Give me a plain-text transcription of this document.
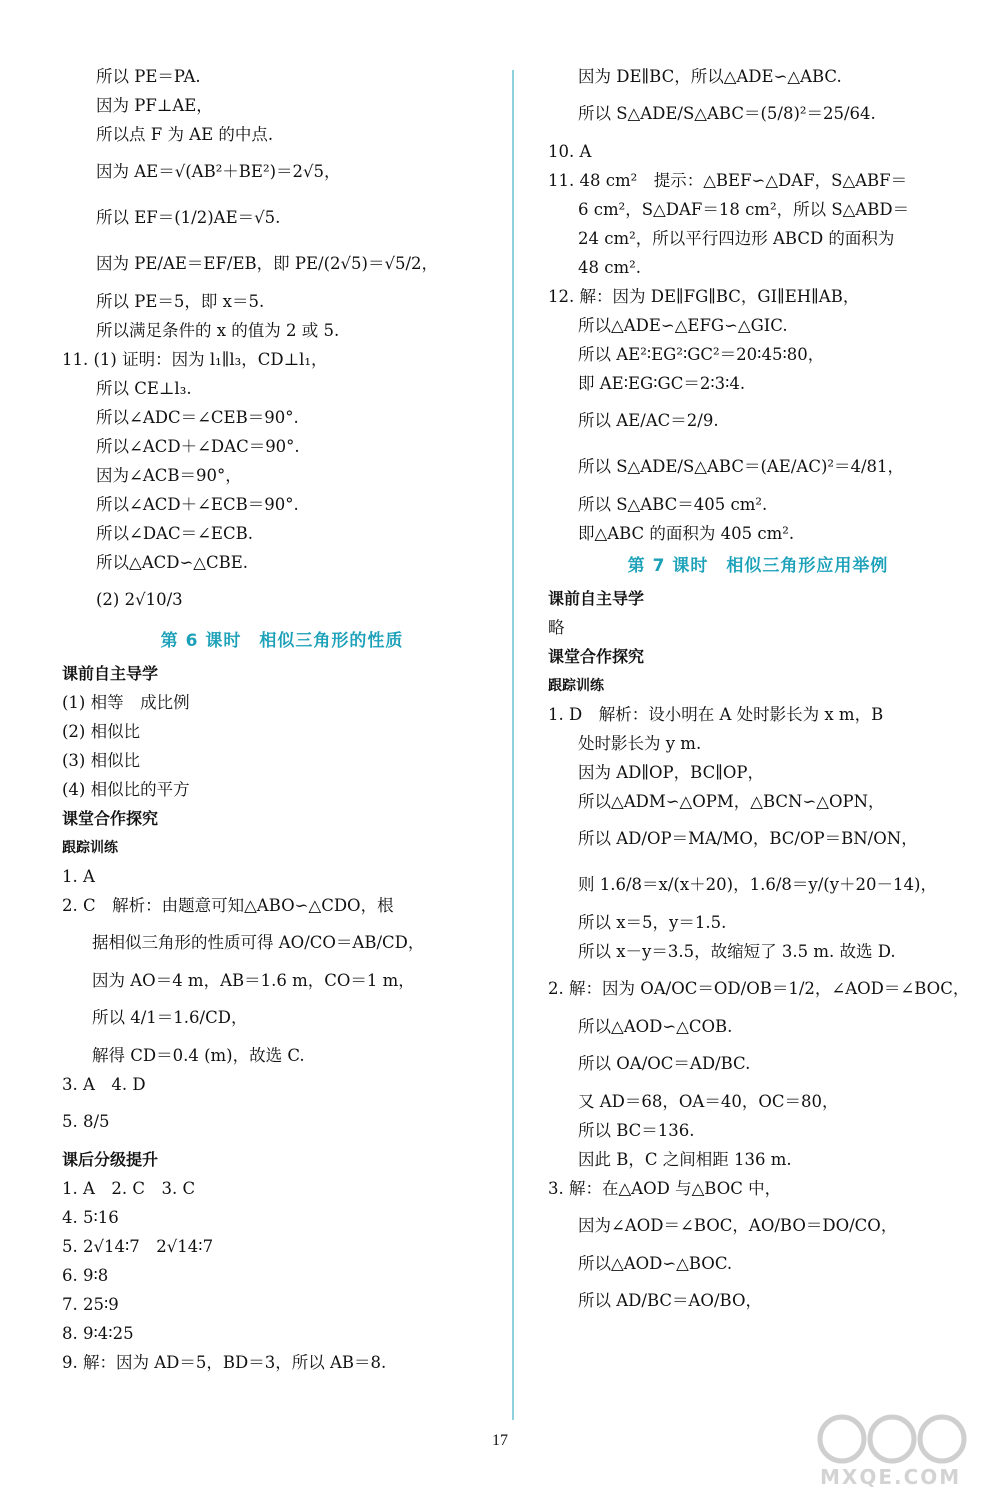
所以 PE＝PA.
因为 PF⊥AE，
所以点 F 为 AE 的中点.
因为 AE＝√(AB²＋BE²)＝2√5，
所以 EF＝(1/2)AE＝√5.
因为 PE/AE＝EF/EB，即 PE/(2√5)＝√5/2，
所以 PE＝5，即 x＝5.
所以满足条件的 x 的值为 2 或 5.
11. (1) 证明：因为 l₁∥l₃，CD⊥l₁，
所以 CE⊥l₃.
所以∠ADC＝∠CEB＝90°.
所以∠ACD＋∠DAC＝90°.
因为∠ACB＝90°，
所以∠ACD＋∠ECB＝90°.
所以∠DAC＝∠ECB.
所以△ACD∽△CBE.
(2) 2√10/3
第 6 课时　相似三角形的性质
课前自主导学
(1) 相等　成比例
(2) 相似比
(3) 相似比
(4) 相似比的平方
课堂合作探究
跟踪训练
1. A
2. C　解析：由题意可知△ABO∽△CDO，根
据相似三角形的性质可得 AO/CO＝AB/CD，
因为 AO＝4 m，AB＝1.6 m，CO＝1 m，
所以 4/1＝1.6/CD，
解得 CD＝0.4 (m)，故选 C.
3. A　4. D
5. 8/5
课后分级提升
1. A　2. C　3. C
4. 5∶16
5. 2√14∶7　2√14∶7
6. 9∶8
7. 25∶9
8. 9∶4∶25
9. 解：因为 AD＝5，BD＝3，所以 AB＝8.
因为 DE∥BC，所以△ADE∽△ABC.
所以 S△ADE/S△ABC＝(5/8)²＝25/64.
10. A
11. 48 cm²　提示：△BEF∽△DAF，S△ABF＝
6 cm²，S△DAF＝18 cm²，所以 S△ABD＝
24 cm²，所以平行四边形 ABCD 的面积为
48 cm².
12. 解：因为 DE∥FG∥BC，GI∥EH∥AB，
所以△ADE∽△EFG∽△GIC.
所以 AE²∶EG²∶GC²＝20∶45∶80，
即 AE∶EG∶GC＝2∶3∶4.
所以 AE/AC＝2/9.
所以 S△ADE/S△ABC＝(AE/AC)²＝4/81，
所以 S△ABC＝405 cm².
即△ABC 的面积为 405 cm².
第 7 课时　相似三角形应用举例
课前自主导学
略
课堂合作探究
跟踪训练
1. D　解析：设小明在 A 处时影长为 x m，B
处时影长为 y m.
因为 AD∥OP，BC∥OP，
所以△ADM∽△OPM，△BCN∽△OPN，
所以 AD/OP＝MA/MO，BC/OP＝BN/ON，
则 1.6/8＝x/(x＋20)，1.6/8＝y/(y＋20－14)，
所以 x＝5，y＝1.5.
所以 x－y＝3.5，故缩短了 3.5 m. 故选 D.
2. 解：因为 OA/OC＝OD/OB＝1/2，∠AOD＝∠BOC，
所以△AOD∽△COB.
所以 OA/OC＝AD/BC.
又 AD＝68，OA＝40，OC＝80，
所以 BC＝136.
因此 B，C 之间相距 136 m.
3. 解：在△AOD 与△BOC 中，
因为∠AOD＝∠BOC，AO/BO＝DO/CO，
所以△AOD∽△BOC.
所以 AD/BC＝AO/BO，
17
MXQE.COM
